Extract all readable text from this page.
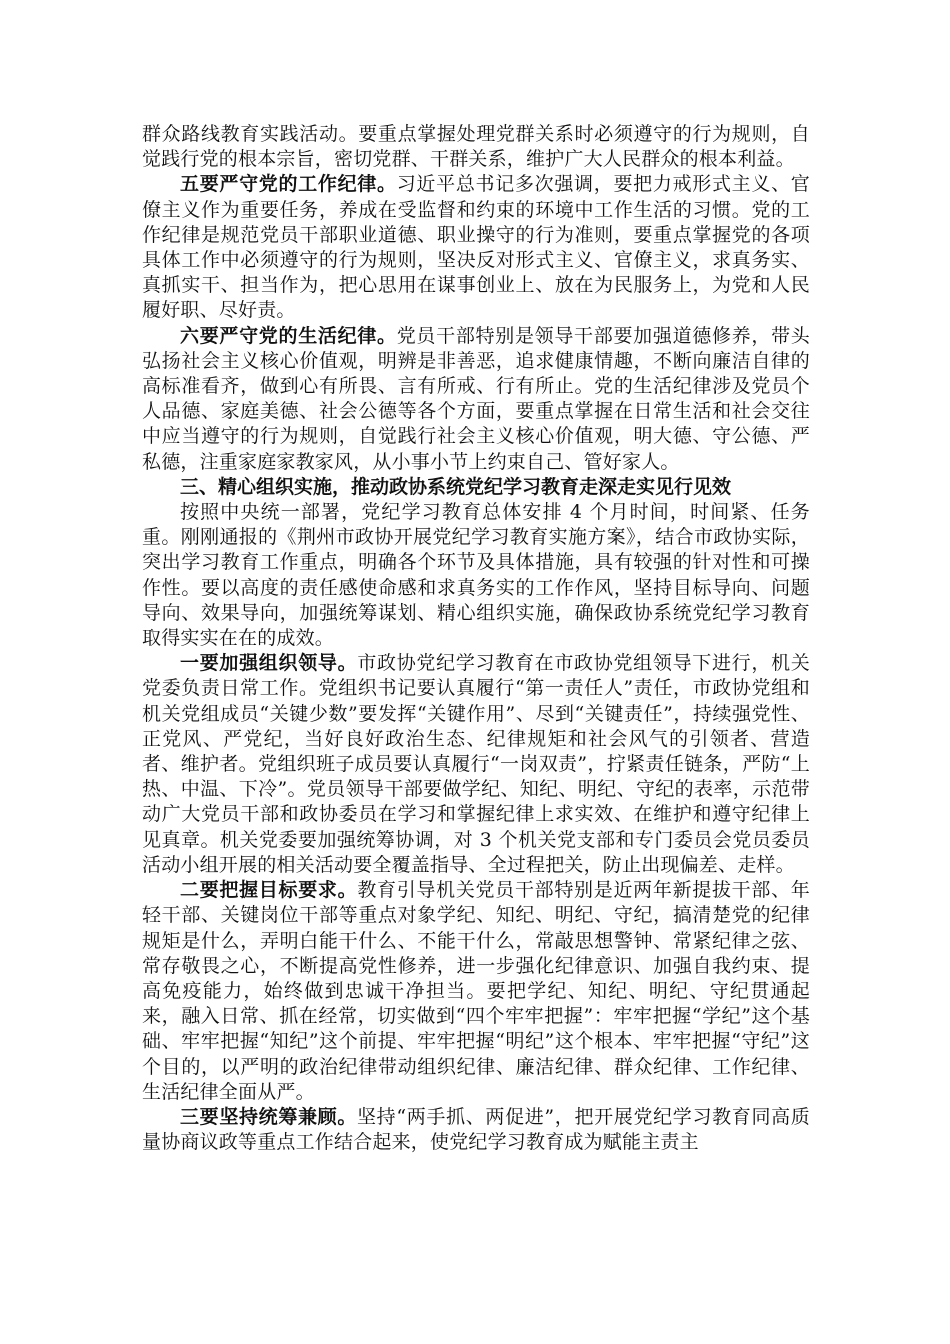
群众路线教育实践活动。要重点掌握处理党群关系时必须遵守的行为规则，自觉践行党的根本宗旨，密切党群、干群关系，维护广大人民群众的根本利益。

五要严守党的工作纪律。习近平总书记多次强调，要把力戒形式主义、官僚主义作为重要任务，养成在受监督和约束的环境中工作生活的习惯。党的工作纪律是规范党员干部职业道德、职业操守的行为准则，要重点掌握党的各项具体工作中必须遵守的行为规则，坚决反对形式主义、官僚主义，求真务实、真抓实干、担当作为，把心思用在谋事创业上、放在为民服务上，为党和人民履好职、尽好责。

六要严守党的生活纪律。党员干部特别是领导干部要加强道德修养，带头弘扬社会主义核心价值观，明辨是非善恶，追求健康情趣，不断向廉洁自律的高标准看齐，做到心有所畏、言有所戒、行有所止。党的生活纪律涉及党员个人品德、家庭美德、社会公德等各个方面，要重点掌握在日常生活和社会交往中应当遵守的行为规则，自觉践行社会主义核心价值观，明大德、守公德、严私德，注重家庭家教家风，从小事小节上约束自己、管好家人。

三、精心组织实施，推动政协系统党纪学习教育走深走实见行见效

按照中央统一部署，党纪学习教育总体安排 4 个月时间，时间紧、任务重。刚刚通报的《荆州市政协开展党纪学习教育实施方案》，结合市政协实际，突出学习教育工作重点，明确各个环节及具体措施，具有较强的针对性和可操作性。要以高度的责任感使命感和求真务实的工作作风，坚持目标导向、问题导向、效果导向，加强统筹谋划、精心组织实施，确保政协系统党纪学习教育取得实实在在的成效。

一要加强组织领导。市政协党纪学习教育在市政协党组领导下进行，机关党委负责日常工作。党组织书记要认真履行“第一责任人”责任，市政协党组和机关党组成员“关键少数”要发挥“关键作用”、尽到“关键责任”，持续强党性、正党风、严党纪，当好良好政治生态、纪律规矩和社会风气的引领者、营造者、维护者。党组织班子成员要认真履行“一岗双责”，拧紧责任链条，严防“上热、中温、下冷”。党员领导干部要做学纪、知纪、明纪、守纪的表率，示范带动广大党员干部和政协委员在学习和掌握纪律上求实效、在维护和遵守纪律上见真章。机关党委要加强统筹协调，对 3 个机关党支部和专门委员会党员委员活动小组开展的相关活动要全覆盖指导、全过程把关，防止出现偏差、走样。

二要把握目标要求。教育引导机关党员干部特别是近两年新提拔干部、年轻干部、关键岗位干部等重点对象学纪、知纪、明纪、守纪，搞清楚党的纪律规矩是什么，弄明白能干什么、不能干什么，常敲思想警钟、常紧纪律之弦、常存敬畏之心，不断提高党性修养，进一步强化纪律意识、加强自我约束、提高免疫能力，始终做到忠诚干净担当。要把学纪、知纪、明纪、守纪贯通起来，融入日常、抓在经常，切实做到“四个牢牢把握”：牢牢把握“学纪”这个基础、牢牢把握“知纪”这个前提、牢牢把握“明纪”这个根本、牢牢把握“守纪”这个目的，以严明的政治纪律带动组织纪律、廉洁纪律、群众纪律、工作纪律、生活纪律全面从严。

三要坚持统筹兼顾。坚持“两手抓、两促进”，把开展党纪学习教育同高质量协商议政等重点工作结合起来，使党纪学习教育成为赋能主责主
